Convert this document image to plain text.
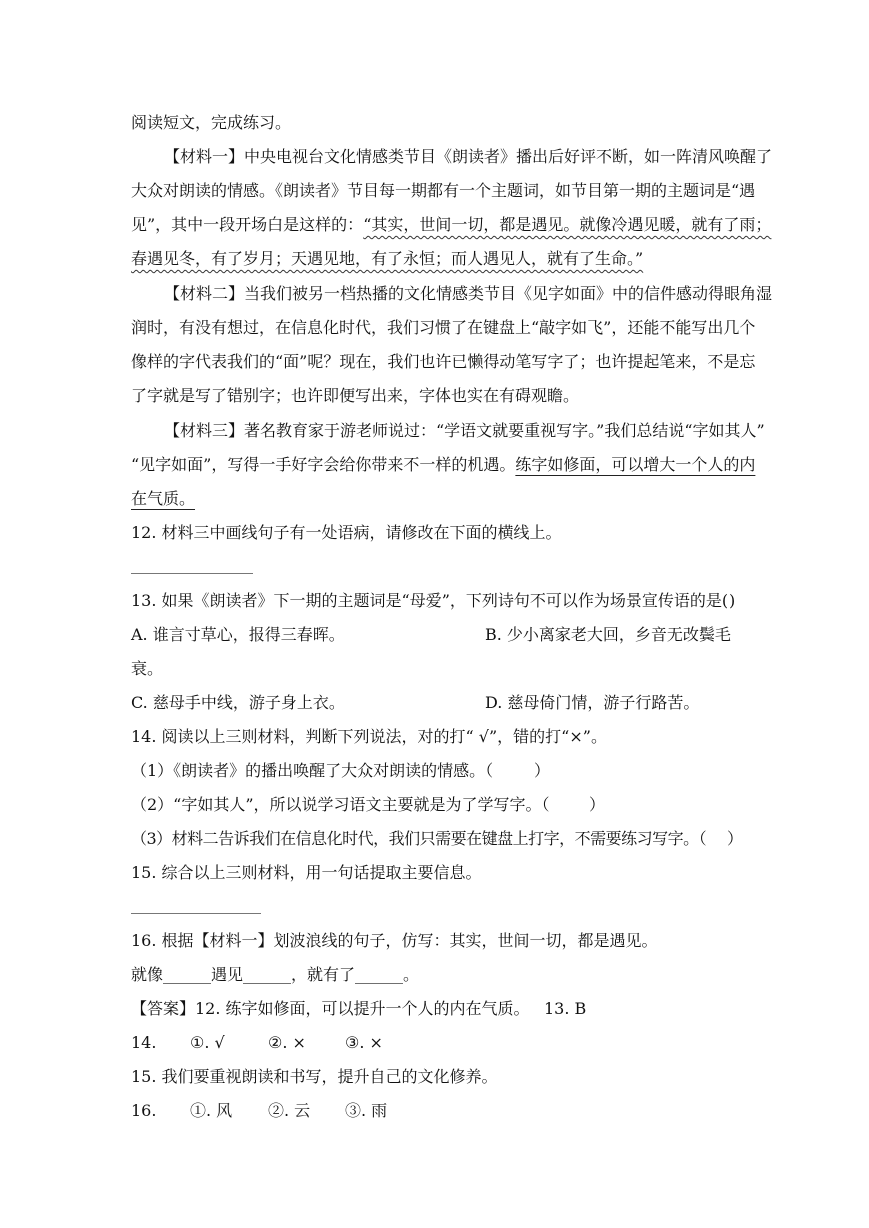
阅读短文，完成练习。
【材料一】中央电视台文化情感类节目《朗读者》播出后好评不断，如一阵清风唤醒了
大众对朗读的情感。《朗读者》节目每一期都有一个主题词，如节目第一期的主题词是“遇
见”，其中一段开场白是这样的：“其实，世间一切，都是遇见。就像冷遇见暖，就有了雨；
春遇见冬，有了岁月；天遇见地，有了永恒；而人遇见人，就有了生命。”
【材料二】当我们被另一档热播的文化情感类节目《见字如面》中的信件感动得眼角湿
润时，有没有想过，在信息化时代，我们习惯了在键盘上“敲字如飞”，还能不能写出几个
像样的字代表我们的“面”呢？现在，我们也许已懒得动笔写字了；也许提起笔来，不是忘
了字就是写了错别字；也许即便写出来，字体也实在有碍观瞻。
【材料三】著名教育家于游老师说过：“学语文就要重视写字。”我们总结说“字如其人”
“见字如面”，写得一手好字会给你带来不一样的机遇。练字如修面，可以增大一个人的内
在气质。
12. 材料三中画线句子有一处语病，请修改在下面的横线上。
13. 如果《朗读者》下一期的主题词是“母爱”，下列诗句不可以作为场景宣传语的是( )
A. 谁言寸草心，报得三春晖。	B. 少小离家老大回，乡音无改鬓毛
衰。
C. 慈母手中线，游子身上衣。	D. 慈母倚门情，游子行路苦。
14. 阅读以上三则材料，判断下列说法，对的打“ √”，错的打“×”。
（1）《朗读者》的播出唤醒了大众对朗读的情感。（	）
（2）“字如其人”，所以说学习语文主要就是为了学写字。（ ）
（3）材料二告诉我们在信息化时代，我们只需要在键盘上打字，不需要练习写字。（ ）
15. 综合以上三则材料，用一句话提取主要信息。
16. 根据【材料一】划波浪线的句子，仿写：其实，世间一切，都是遇见。
就像______遇见______，就有了______。
【答案】12. 练字如修面，可以提升一个人的内在气质。 13. B
14. ①. √	②. × ③. ×
15. 我们要重视朗读和书写，提升自己的文化修养。
16. ①. 风 ②. 云 ③. 雨
